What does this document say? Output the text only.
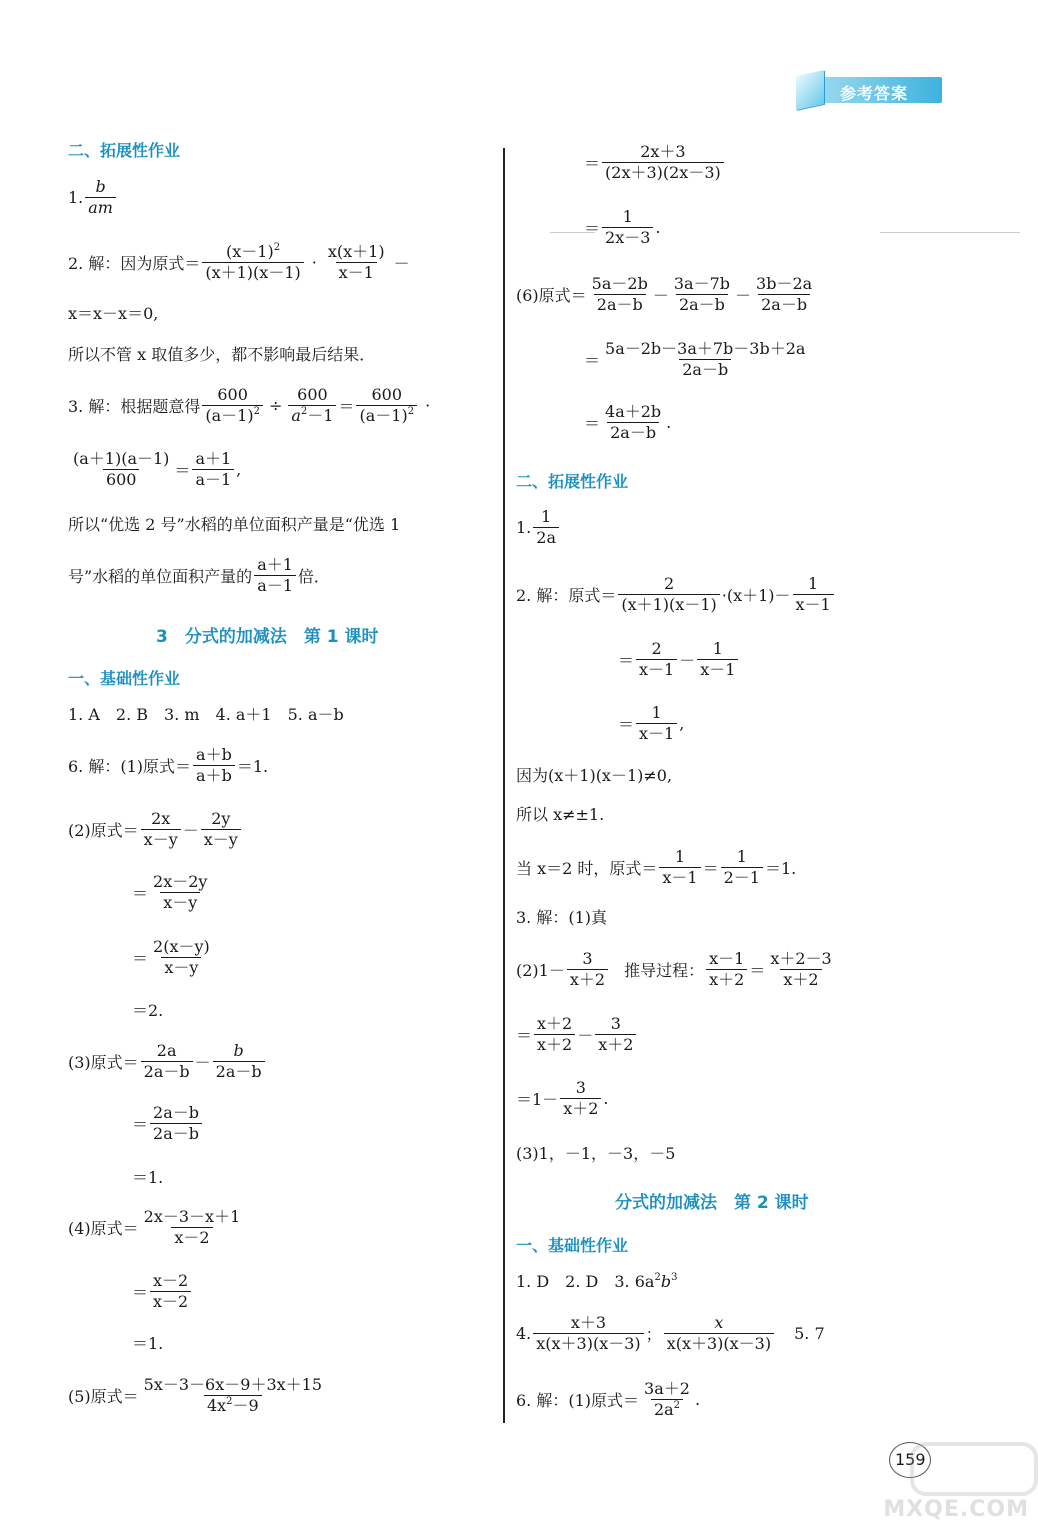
参考答案
二、拓展性作业
1. $\frac{b}{am}$
2. 解：因为原式＝ $\frac{(x-1)^2}{(x+1)(x-1)} \cdot \frac{x(x+1)}{x-1}$ －
x＝x－x＝0,
所以不管 x 取值多少，都不影响最后结果．
3. 解：根据题意得 $\frac{600}{(a-1)^2} \div \frac{600}{a^2-1} = \frac{600}{(a-1)^2}$ ·
$\frac{(a+1)(a-1)}{600} = \frac{a+1}{a-1}$ ,
所以“优选 2 号”水稻的单位面积产量是“优选 1
号”水稻的单位面积产量的 $\frac{a+1}{a-1}$ 倍．
3　分式的加减法　第 1 课时
一、基础性作业
1. A　2. B　3. m　4. a＋1　5. a－b
6. 解：(1)原式＝ $\frac{a+b}{a+b} =1$.
(2)原式＝ $\frac{2x}{x-y} - \frac{2y}{x-y}$
＝ $\frac{2x-2y}{x-y}$
＝ $\frac{2(x-y)}{x-y}$
＝2.
(3)原式＝ $\frac{2a}{2a-b} - \frac{b}{2a-b}$
＝ $\frac{2a-b}{2a-b}$
＝1.
(4)原式＝ $\frac{2x-3-x+1}{x-2}$
＝ $\frac{x-2}{x-2}$
＝1.
(5)原式＝ $\frac{5x-3-6x-9+3x+15}{4x^2-9}$
＝ $\frac{2x+3}{(2x+3)(2x-3)}$
＝ $\frac{1}{2x-3}$ .
(6)原式＝ $\frac{5a-2b}{2a-b} - \frac{3a-7b}{2a-b} - \frac{3b-2a}{2a-b}$
＝ $\frac{5a-2b-3a+7b-3b+2a}{2a-b}$
＝ $\frac{4a+2b}{2a-b}$ .
二、拓展性作业
1. $\frac{1}{2a}$
2. 解：原式＝ $\frac{2}{(x+1)(x-1)} \cdot(x+1)- \frac{1}{x-1}$
＝ $\frac{2}{x-1} - \frac{1}{x-1}$
＝ $\frac{1}{x-1}$ ,
因为(x＋1)(x－1)≠0,
所以 x≠±1.
当 x＝2 时，原式＝ $\frac{1}{x-1} = \frac{1}{2-1} =1$.
3. 解：(1)真
$(2)1- \frac{3}{x+2}$ 推导过程： $\frac{x-1}{x+2} = \frac{x+2-3}{x+2}$
＝ $\frac{x+2}{x+2} - \frac{3}{x+2}$
$=1- \frac{3}{x+2}$ .
(3)1，－1，－3，－5
分式的加减法　第 2 课时
一、基础性作业
1. D　2. D　3. $6a^2b^3$
4. $\frac{x+3}{x(x+3)(x-3)}$ ； $\frac{x}{x(x+3)(x-3)} 5$. 7
6. 解：(1)原式＝ $\frac{3a+2}{2a^2}$ .
159
MXQE.COM
